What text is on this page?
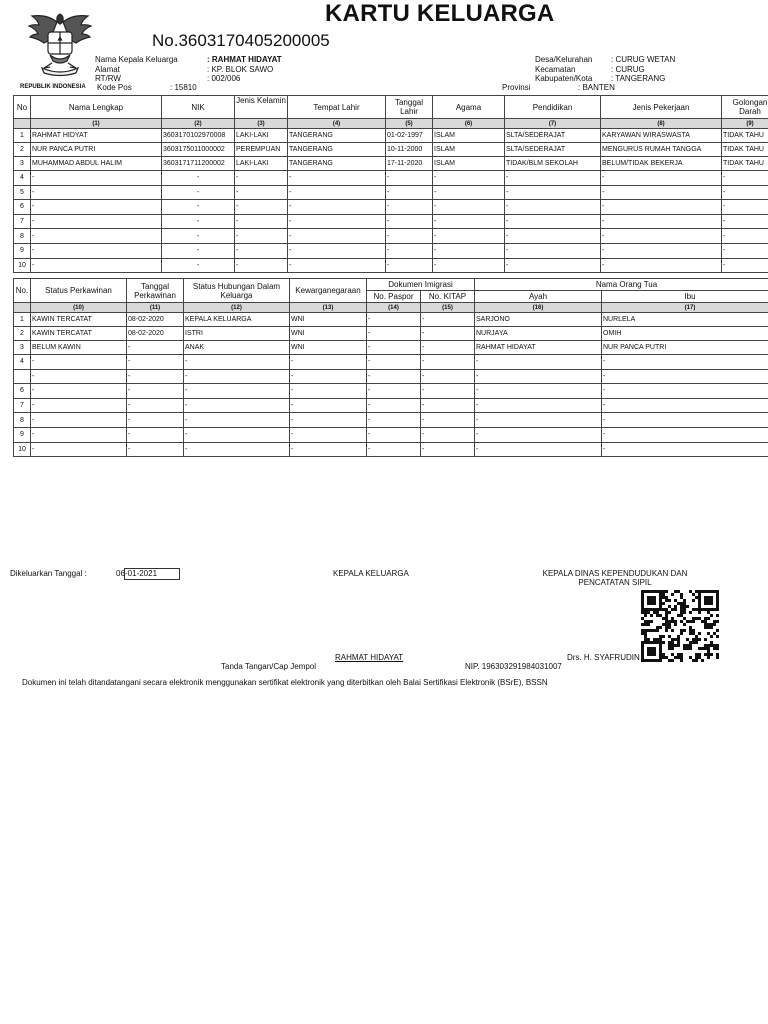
REPUBLIK INDONESIA
KARTU KELUARGA
No.3603170405200005
Nama Kepala Keluarga	: RAHMAT HIDAYAT
Alamat	: KP. BLOK SAWO
RT/RW	: 002/006
Kode Pos	: 15810
Desa/Kelurahan : CURUG WETAN
Kecamatan	: CURUG
Kabupaten/Kota : TANGERANG
Provinsi	: BANTEN
No	Nama Lengkap	NIK	Jenis Kelamin	Tempat Lahir	Tanggal Lahir	Agama	Pendidikan	Jenis Pekerjaan	Golongan Darah
	(1)	(2)	(3)	(4)	(5)	(6)	(7)	(8)	(9)
1	RAHMAT HIDYAT	3603170102970008	LAKI-LAKI	TANGERANG	01-02-1997	ISLAM	SLTA/SEDERAJAT	KARYAWAN WIRASWASTA	TIDAK TAHU
2	NUR PANCA PUTRI	3603175011000002	PEREMPUAN	TANGERANG	10-11-2000	ISLAM	SLTA/SEDERAJAT	MENGURUS RUMAH TANGGA	TIDAK TAHU
3	MUHAMMAD ABDUL HALIM	3603171711200002	LAKI-LAKI	TANGERANG	17-11-2020	ISLAM	TIDAK/BLM SEKOLAH	BELUM/TIDAK BEKERJA	TIDAK TAHU
4	-	-	-	-	-	-	-	-	-
5	-	-	-	-	-	-	-	-	-
6	-	-	-	-	-	-	-	-	-
7	-	-	-	-	-	-	-	-	-
8	-	-	-	-	-	-	-	-	-
9	-	-	-	-	-	-	-	-	-
10	-	-	-	-	-	-	-	-	-
No.	Status Perkawinan	Tanggal Perkawinan	Status Hubungan Dalam Keluarga	Kewarganegaraan	Dokumen Imigrasi		Nama Orang Tua	
					No. Paspor	No. KITAP	Ayah	Ibu
	(10)	(11)	(12)	(13)	(14)	(15)	(16)	(17)
1	KAWIN TERCATAT	08-02-2020	KEPALA KELUARGA	WNI	-	-	SARJONO	NURLELA
2	KAWIN TERCATAT	08-02-2020	ISTRI	WNI	-	-	NURJAYA	OMIH
3	BELUM KAWIN	-	ANAK	WNI	-	-	RAHMAT HIDAYAT	NUR PANCA PUTRI
4	-	-	-	-	-	-	-	-
	-	-	-	-	-	-	-	-
6	-	-	-	-	-	-	-	-
7	-	-	-	-	-	-	-	-
8	-	-	-	-	-	-	-	-
9	-	-	-	-	-	-	-	-
10	-	-	-	-	-	-	-	-
Dikeluarkan Tanggal :	06 -01-2021	KEPALA KELUARGA	KEPALA DINAS KEPENDUDUKAN DAN PENCATATAN SIPIL
RAHMAT HIDAYAT	Drs. H. SYAFRUDIN
Tanda Tangan/Cap Jempol	NIP. 196303291984031007
Dokumen ini telah ditandatangani secara elektronik menggunakan sertifikat elektronik yang diterbitkan oleh Balai Sertifikasi Elektronik (BSrE), BSSN
